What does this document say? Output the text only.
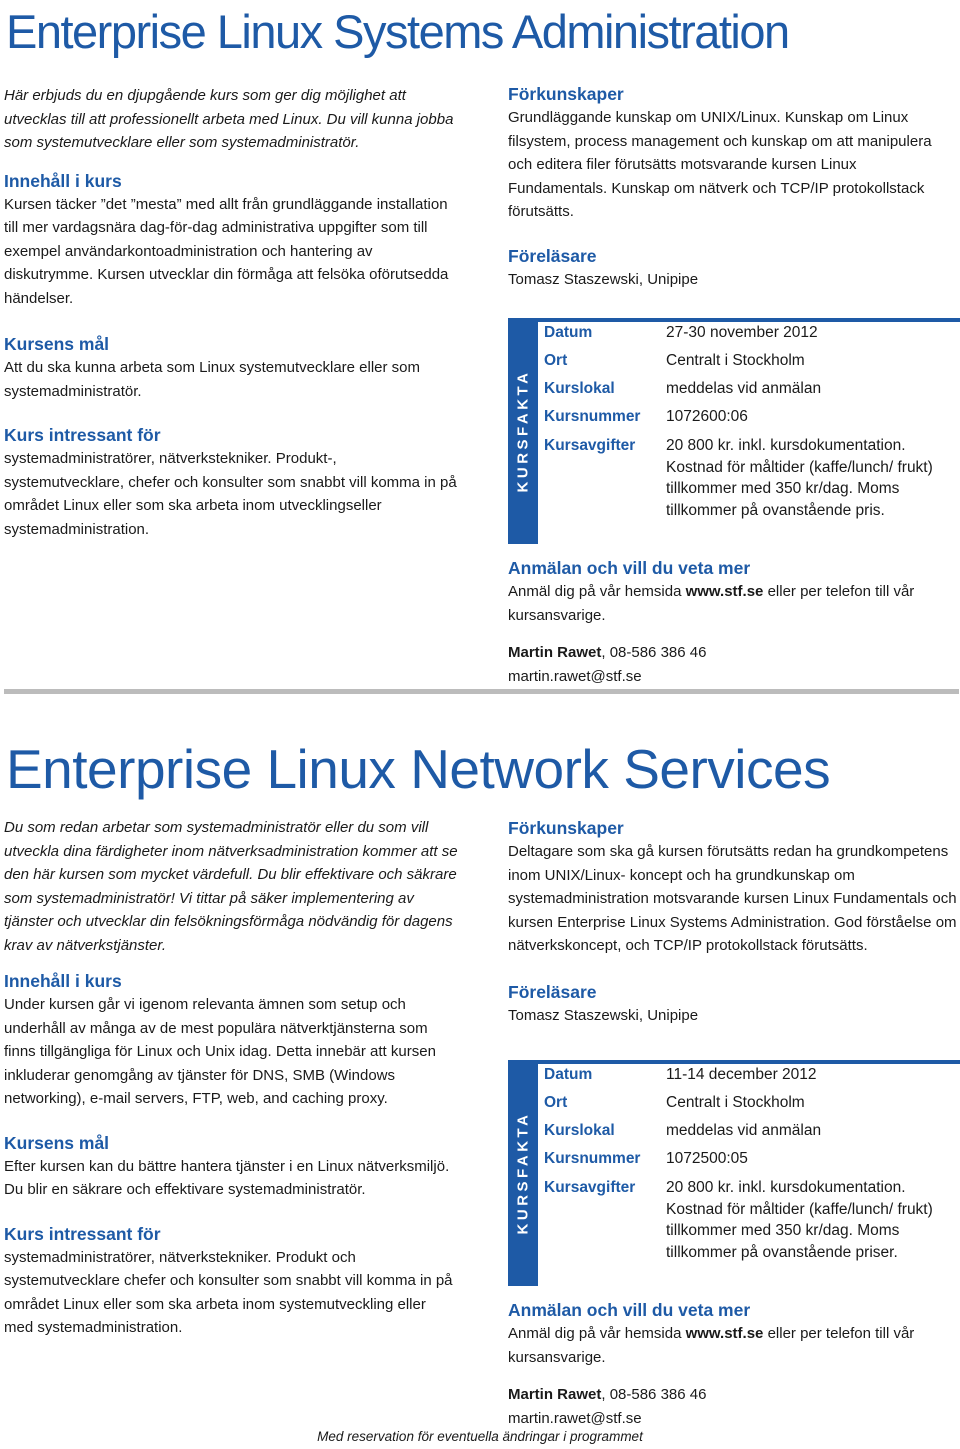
Enterprise Linux Systems Administration

Här erbjuds du en djupgående kurs som ger dig möjlighet att utvecklas till att professionellt arbeta med Linux. Du vill kunna jobba som systemutvecklare eller som systemadministratör.

Innehåll i kurs

Kursen täcker ”det ”mesta” med allt från grundläggande installation till mer vardagsnära dag-för-dag administrativa uppgifter som till exempel användarkontoadministration och hantering av diskutrymme. Kursen utvecklar din förmåga att felsöka oförutsedda händelser.

Kursens mål

Att du ska kunna arbeta som Linux systemutvecklare eller som systemadministratör.

Kurs intressant för

systemadministratörer, nätverkstekniker. Produkt-, systemutvecklare, chefer och konsulter som snabbt vill komma in på området Linux eller som ska arbeta inom utvecklingseller systemadministration.

Förkunskaper

Grundläggande kunskap om UNIX/Linux. Kunskap om Linux filsystem, process management och kunskap om att manipulera och editera filer förutsätts motsvarande kursen Linux Fundamentals. Kunskap om nätverk och TCP/IP protokollstack förutsätts.

Föreläsare

Tomasz Staszewski, Unipipe

KURSFAKTA
Datum	27-30 november 2012
Ort	Centralt i Stockholm
Kurslokal	meddelas vid anmälan
Kursnummer 1072600:06
Kursavgifter 20 800 kr. inkl. kursdokumentation. Kostnad för måltider (kaffe/lunch/ frukt) tillkommer med 350 kr/dag. Moms tillkommer på ovanstående pris.

Anmälan och vill du veta mer

Anmäl dig på vår hemsida www.stf.se eller per telefon till vår kursansvarige.

Martin Rawet, 08-586 386 46

martin.rawet@stf.se

Enterprise Linux Network Services

Du som redan arbetar som systemadministratör eller du som vill utveckla dina färdigheter inom nätverksadministration kommer att se den här kursen som mycket värdefull. Du blir effektivare och säkrare som systemadministratör! Vi tittar på säker implementering av tjänster och utvecklar din felsökningsförmåga nödvändig för dagens krav av nätverkstjänster.

Innehåll i kurs

Under kursen går vi igenom relevanta ämnen som setup och underhåll av många av de mest populära nätverktjänsterna som finns tillgängliga för Linux och Unix idag. Detta innebär att kursen inkluderar genomgång av tjänster för DNS, SMB (Windows networking), e-mail servers, FTP, web, and caching proxy.

Kursens mål

Efter kursen kan du bättre hantera tjänster i en Linux nätverksmiljö. Du blir en säkrare och effektivare systemadministratör.

Kurs intressant för

systemadministratörer, nätverkstekniker. Produkt och systemutvecklare chefer och konsulter som snabbt vill komma in på området Linux eller som ska arbeta inom systemutveckling eller med systemadministration.

Förkunskaper

Deltagare som ska gå kursen förutsätts redan ha grundkompetens inom UNIX/Linux- koncept och ha grundkunskap om systemadministration motsvarande kursen Linux Fundamentals och kursen Enterprise Linux Systems Administration. God förståelse om nätverkskoncept, och TCP/IP protokollstack förutsätts.

Föreläsare

Tomasz Staszewski, Unipipe

KURSFAKTA
Datum	11-14 december 2012
Ort	Centralt i Stockholm
Kurslokal	meddelas vid anmälan
Kursnummer 1072500:05
Kursavgifter 20 800 kr. inkl. kursdokumentation. Kostnad för måltider (kaffe/lunch/ frukt) tillkommer med 350 kr/dag. Moms tillkommer på ovanstående priser.

Anmälan och vill du veta mer

Anmäl dig på vår hemsida www.stf.se eller per telefon till vår kursansvarige.

Martin Rawet, 08-586 386 46

martin.rawet@stf.se

Med reservation för eventuella ändringar i programmet
